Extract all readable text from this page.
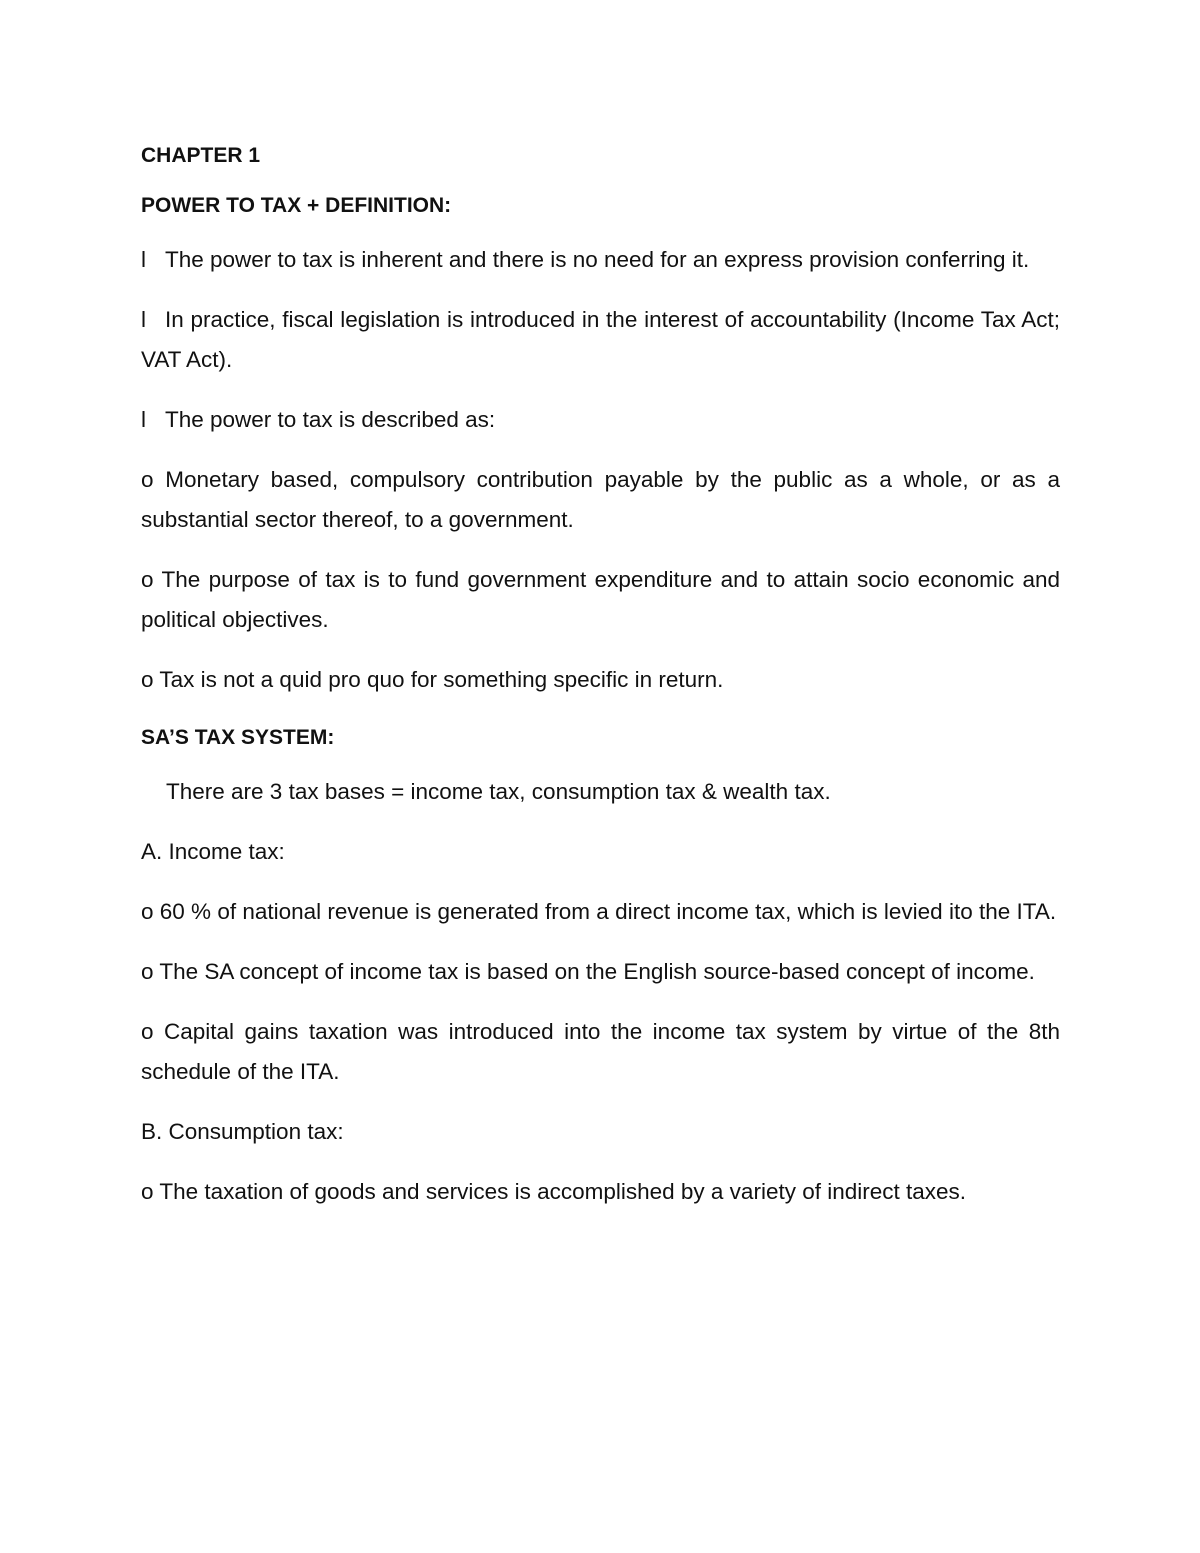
CHAPTER 1
POWER TO TAX + DEFINITION:
l The power to tax is inherent and there is no need for an express provision conferring it.
l In practice, fiscal legislation is introduced in the interest of accountability (Income Tax Act; VAT Act).
l The power to tax is described as:
o Monetary based, compulsory contribution payable by the public as a whole, or as a substantial sector thereof, to a government.
o The purpose of tax is to fund government expenditure and to attain socio economic and political objectives.
o Tax is not a quid pro quo for something specific in return.
SA’S TAX SYSTEM:
There are 3 tax bases = income tax, consumption tax & wealth tax.
A. Income tax:
o 60 % of national revenue is generated from a direct income tax, which is levied ito the ITA.
o The SA concept of income tax is based on the English source-based concept of income.
o Capital gains taxation was introduced into the income tax system by virtue of the 8th schedule of the ITA.
B. Consumption tax:
o The taxation of goods and services is accomplished by a variety of indirect taxes.
